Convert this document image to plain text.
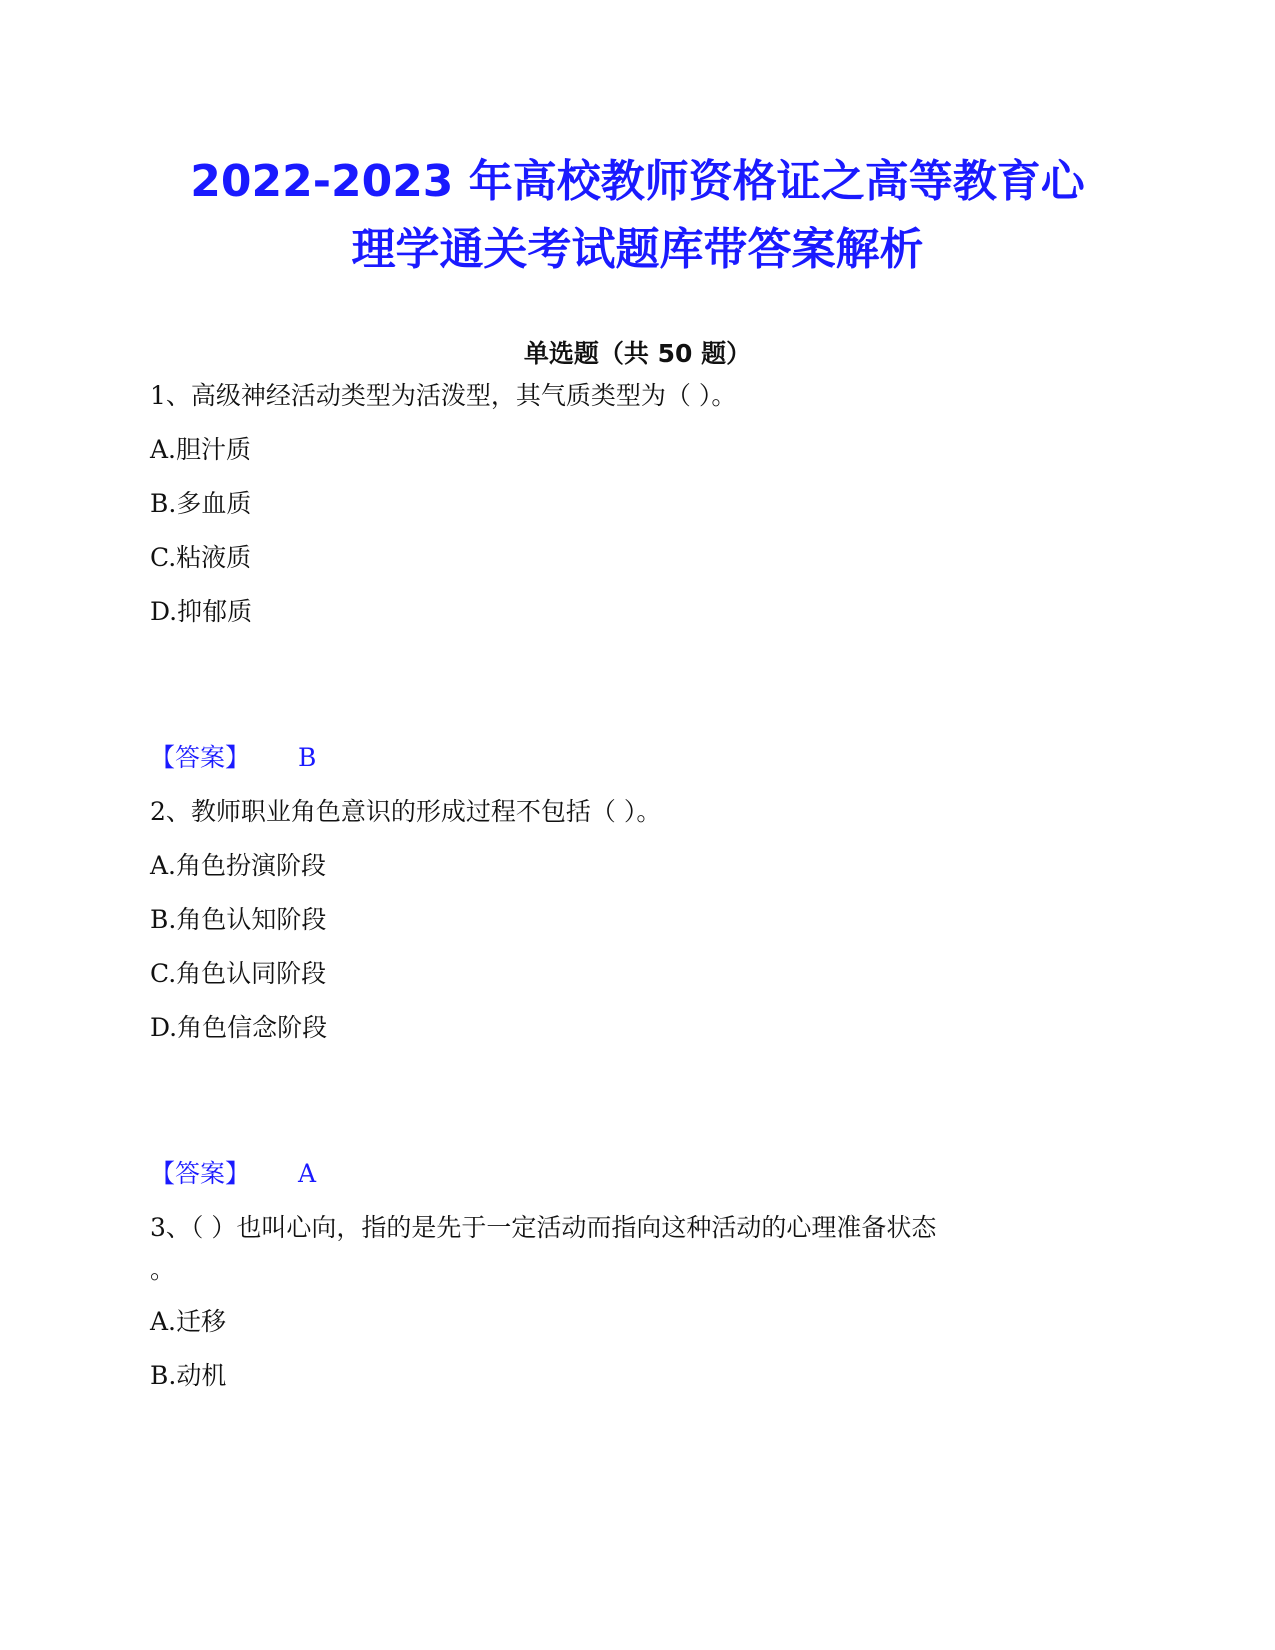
2022-2023 年高校教师资格证之高等教育心
理学通关考试题库带答案解析
单选题（共 50 题）
1、高级神经活动类型为活泼型，其气质类型为（ ）。
A.胆汁质
B.多血质
C.粘液质
D.抑郁质
【答案】 B
2、教师职业角色意识的形成过程不包括（ ）。
A.角色扮演阶段
B.角色认知阶段
C.角色认同阶段
D.角色信念阶段
【答案】 A
3、（ ）也叫心向，指的是先于一定活动而指向这种活动的心理准备状态
。
A.迁移
B.动机
